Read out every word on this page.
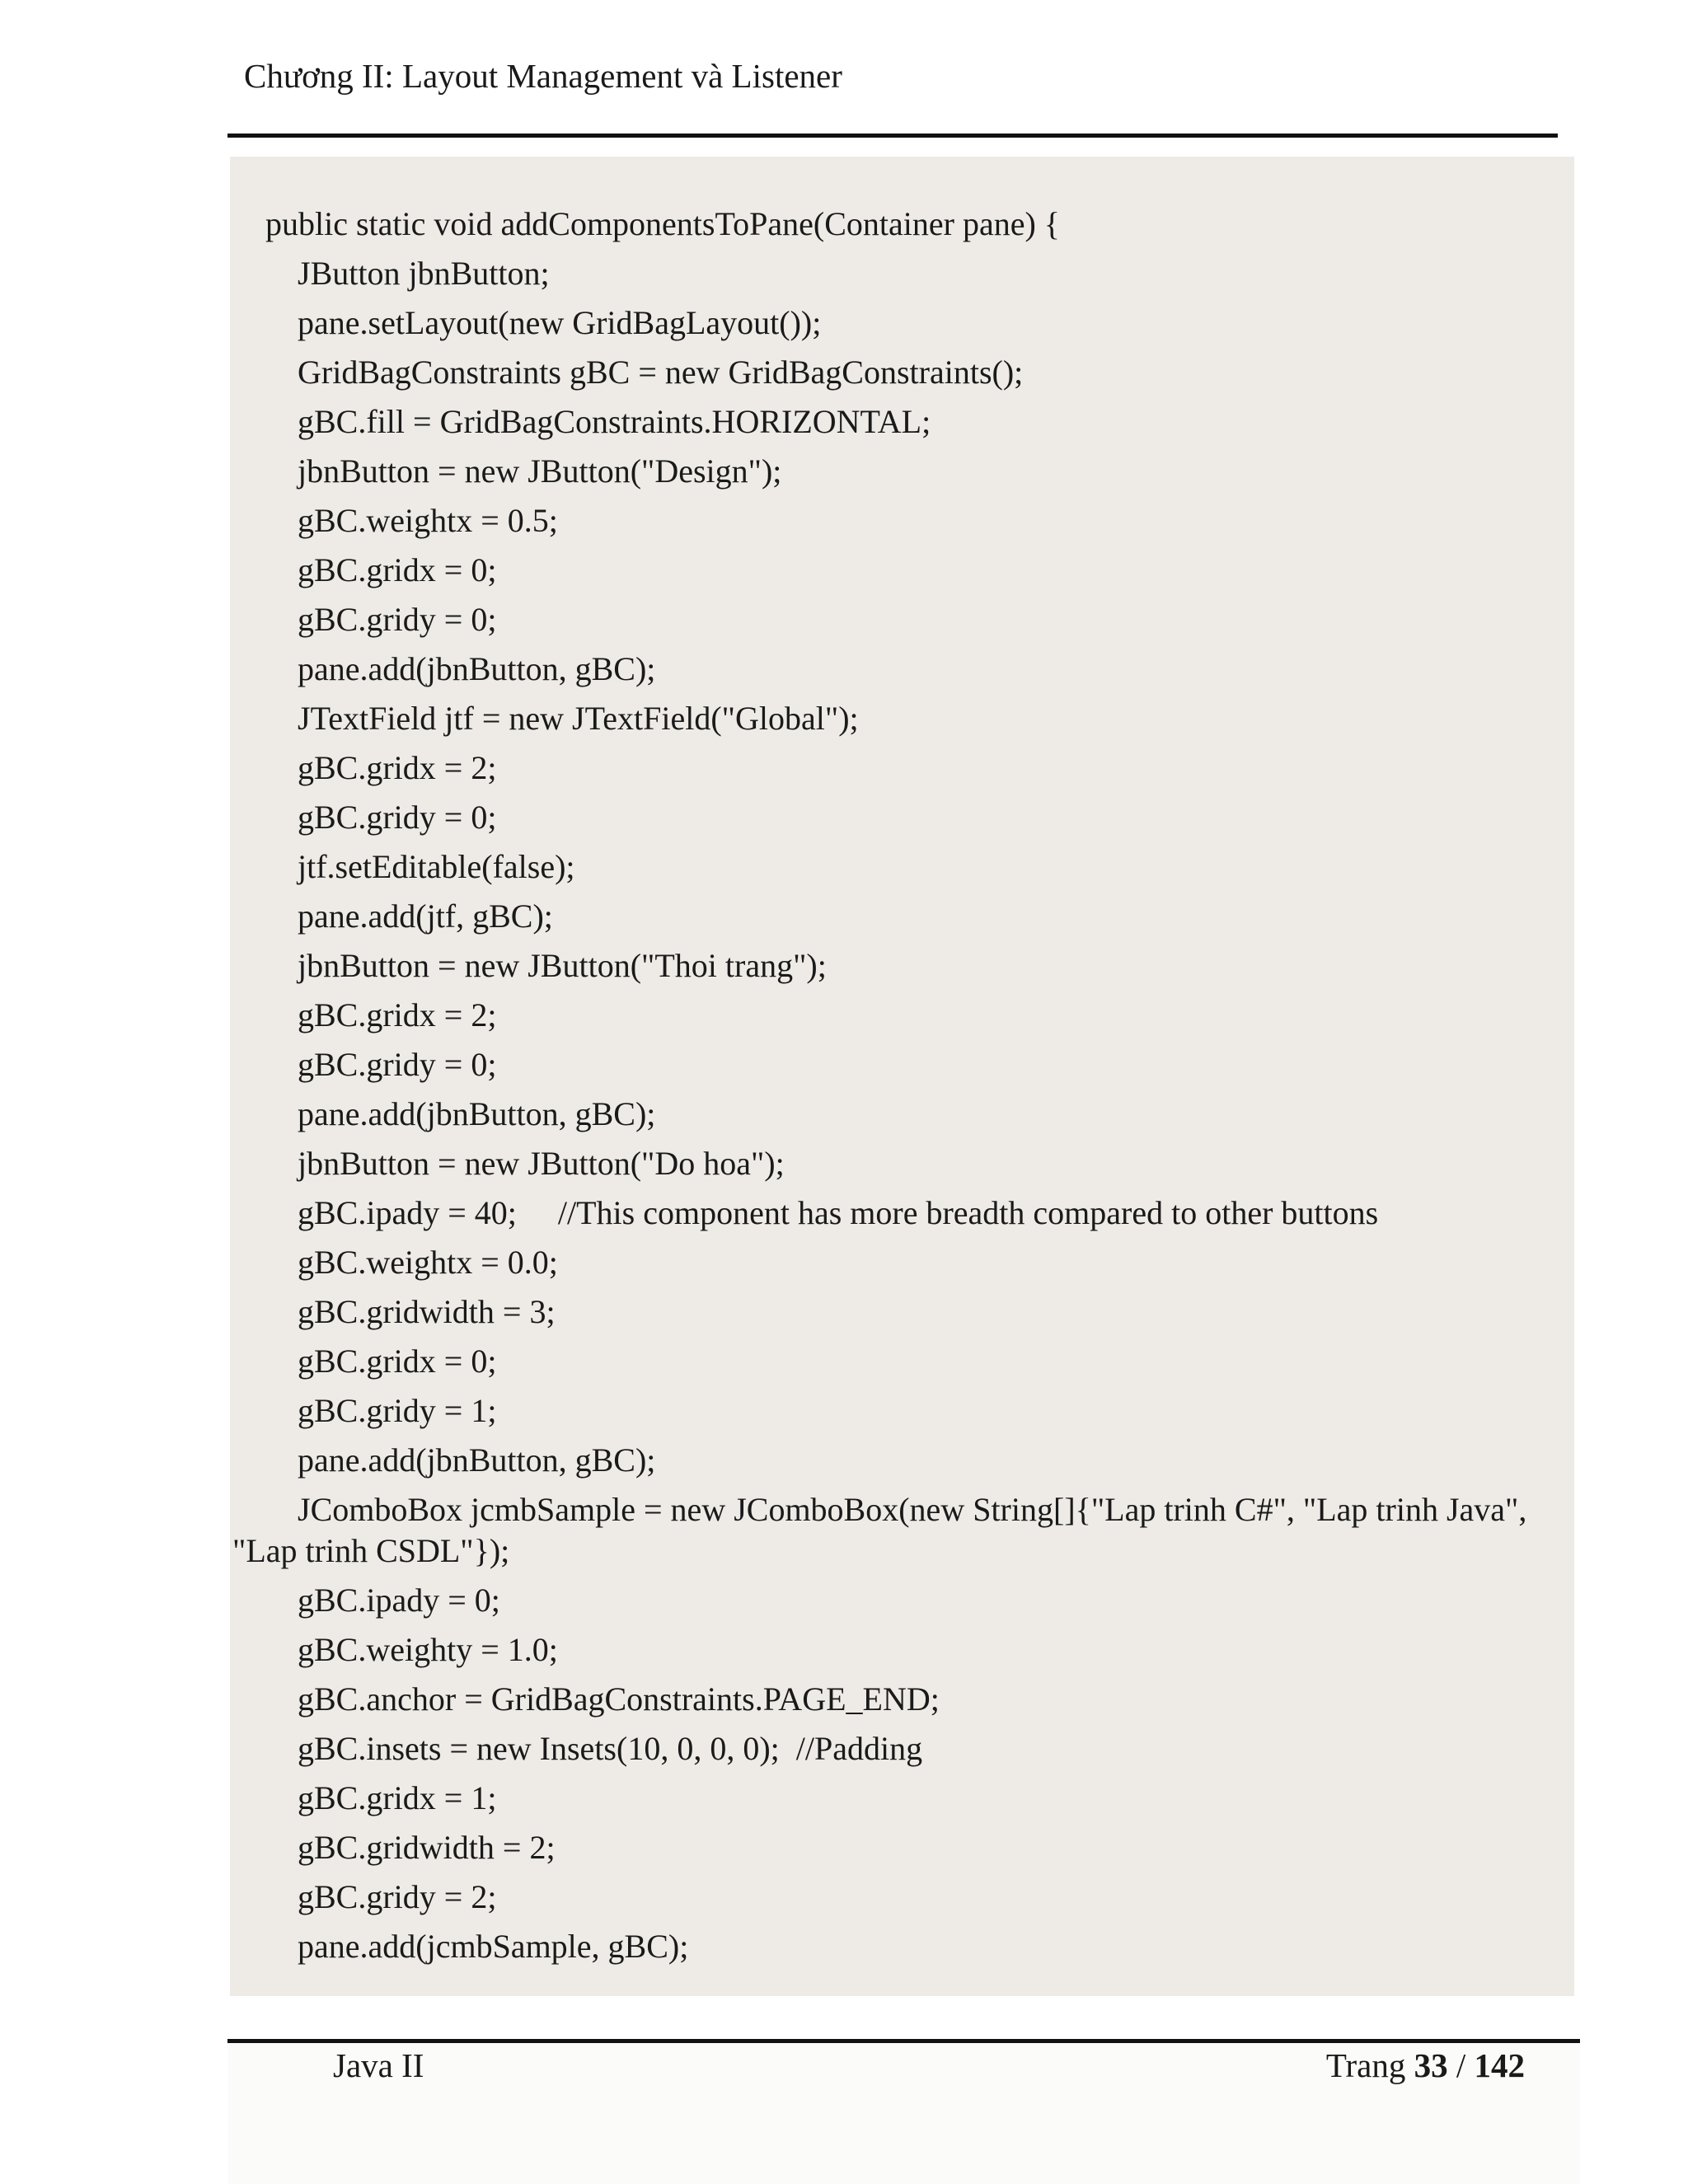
Chương II: Layout Management và Listener
public static void addComponentsToPane(Container pane) {
JButton jbnButton;
pane.setLayout(new GridBagLayout());
GridBagConstraints gBC = new GridBagConstraints();
gBC.fill = GridBagConstraints.HORIZONTAL;
jbnButton = new JButton("Design");
gBC.weightx = 0.5;
gBC.gridx = 0;
gBC.gridy = 0;
pane.add(jbnButton, gBC);
JTextField jtf = new JTextField("Global");
gBC.gridx = 2;
gBC.gridy = 0;
jtf.setEditable(false);
pane.add(jtf, gBC);
jbnButton = new JButton("Thoi trang");
gBC.gridx = 2;
gBC.gridy = 0;
pane.add(jbnButton, gBC);
jbnButton = new JButton("Do hoa");
gBC.ipady = 40;     //This component has more breadth compared to other buttons
gBC.weightx = 0.0;
gBC.gridwidth = 3;
gBC.gridx = 0;
gBC.gridy = 1;
pane.add(jbnButton, gBC);
JComboBox jcmbSample = new JComboBox(new String[]{"Lap trinh C#", "Lap trinh Java",
"Lap trinh CSDL"});
gBC.ipady = 0;
gBC.weighty = 1.0;
gBC.anchor = GridBagConstraints.PAGE_END;
gBC.insets = new Insets(10, 0, 0, 0);  //Padding
gBC.gridx = 1;
gBC.gridwidth = 2;
gBC.gridy = 2;
pane.add(jcmbSample, gBC);
Java II	Trang 33 / 142
